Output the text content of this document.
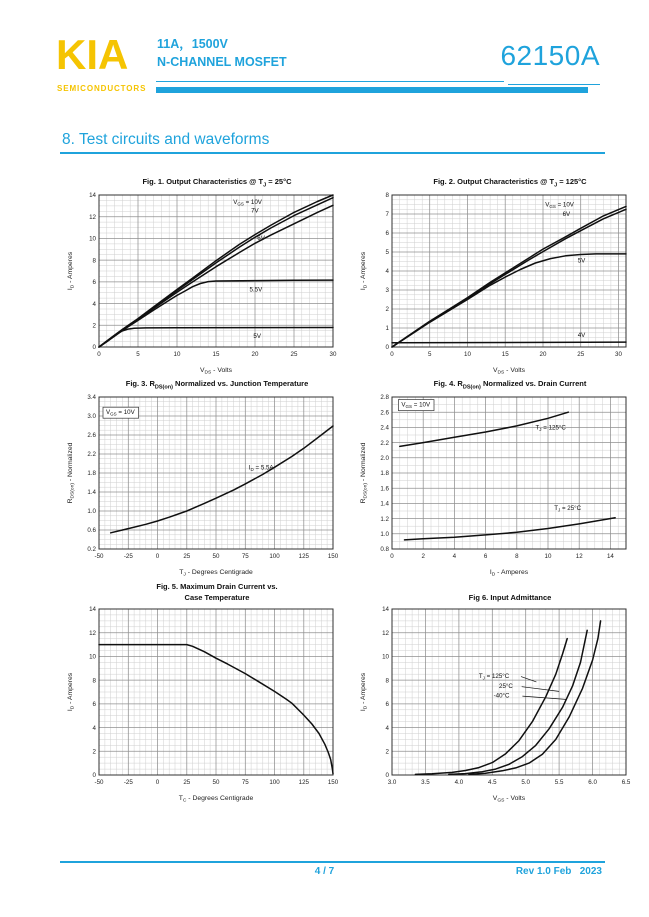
KIA
SEMICONDUCTORS
11A，1500V
N-CHANNEL MOSFET	62150A
8. Test circuits and waveforms
Fig. 1. Output Characteristics @ $T_J = 25^\circ C$
0	5	10	15	20	25	30
0
2
4
6
8
10
12
14
$V_{DS}$ - Volts
$I_D$ - Amperes
$V_{GS} = 10V$
7V
6V
5.5V
5V
Fig. 2. Output Characteristics @ $T_J = 125^\circ C$
0	5	10	15	20	25	30
0
1
2
3
4
5
6
7
8
$V_{DS}$ - Volts
$I_D$ - Amperes
$V_{GS} = 10V$
6V
5V
4V
Fig. 3. $R_{DS(on)}$ Normalized vs. Junction Temperature
-50	-25	0	25	50	75	100	125	150
0.2
0.6
1.0
1.4
1.8
2.2
2.6
3.0
3.4
$T_J$ - Degrees Centigrade
$R_{DS(on)}$ - Normalized
$V_{GS} = 10V$
$I_D = 5.5A$
Fig. 4. $R_{DS(on)}$ Normalized vs. Drain Current
0	2	4	6	8	10	12	14
0.8
1.0
1.2
1.4
1.6
1.8
2.0
2.2
2.4
2.6
2.8
$I_D$ - Amperes
$R_{DS(on)}$ - Normalized
$V_{GS} = 10V$
$T_J = 125^\circ C$
$T_J = 25^\circ C$
Fig. 5. Maximum Drain Current vs.
Case Temperature
-50	-25	0	25	50	75	100	125	150
0
2
4
6
8
10
12
14
$T_C$ - Degrees Centigrade
$I_D$ - Amperes
Fig 6. Input Admittance
3.0	3.5	4.0	4.5	5.0	5.5	6.0	6.5
0
2
4
6
8
10
12
14
$V_{GS}$ - Volts
$I_D$ - Amperes	$T_J = 125^\circ C$
25°C
-40°C
4 / 7	Rev 1.0 Feb   2023
